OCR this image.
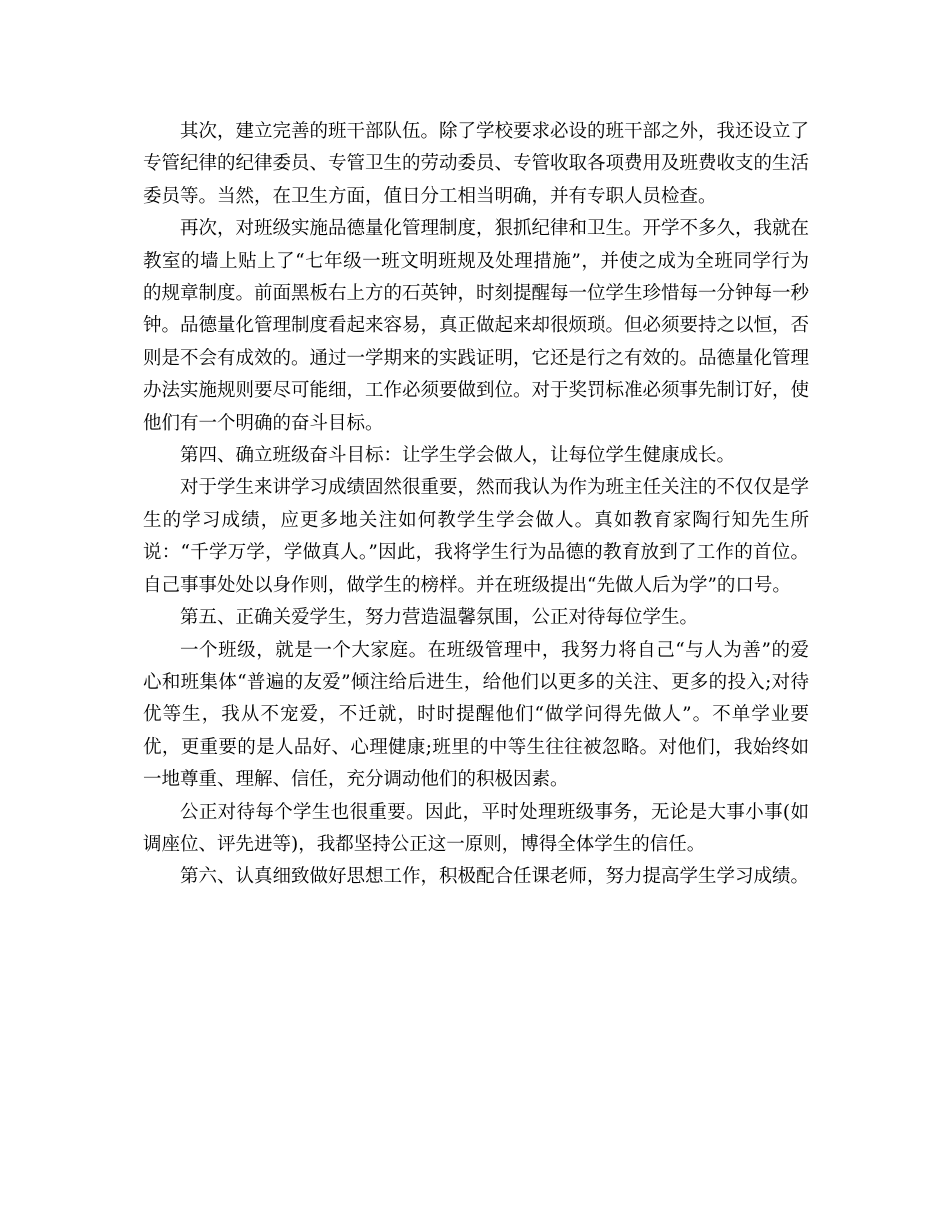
其次，建立完善的班干部队伍。除了学校要求必设的班干部之外，我还设立了专管纪律的纪律委员、专管卫生的劳动委员、专管收取各项费用及班费收支的生活委员等。当然，在卫生方面，值日分工相当明确，并有专职人员检查。

再次，对班级实施品德量化管理制度，狠抓纪律和卫生。开学不多久，我就在教室的墙上贴上了“七年级一班文明班规及处理措施”，并使之成为全班同学行为的规章制度。前面黑板右上方的石英钟，时刻提醒每一位学生珍惜每一分钟每一秒钟。品德量化管理制度看起来容易，真正做起来却很烦琐。但必须要持之以恒，否则是不会有成效的。通过一学期来的实践证明，它还是行之有效的。品德量化管理办法实施规则要尽可能细，工作必须要做到位。对于奖罚标准必须事先制订好，使他们有一个明确的奋斗目标。

第四、确立班级奋斗目标：让学生学会做人，让每位学生健康成长。

对于学生来讲学习成绩固然很重要，然而我认为作为班主任关注的不仅仅是学生的学习成绩，应更多地关注如何教学生学会做人。真如教育家陶行知先生所说：“千学万学，学做真人。”因此，我将学生行为品德的教育放到了工作的首位。自己事事处处以身作则，做学生的榜样。并在班级提出“先做人后为学”的口号。

第五、正确关爱学生，努力营造温馨氛围，公正对待每位学生。

一个班级，就是一个大家庭。在班级管理中，我努力将自己“与人为善”的爱心和班集体“普遍的友爱”倾注给后进生，给他们以更多的关注、更多的投入;对待优等生，我从不宠爱，不迁就，时时提醒他们“做学问得先做人”。不单学业要优，更重要的是人品好、心理健康;班里的中等生往往被忽略。对他们，我始终如一地尊重、理解、信任，充分调动他们的积极因素。

公正对待每个学生也很重要。因此，平时处理班级事务，无论是大事小事(如调座位、评先进等)，我都坚持公正这一原则，博得全体学生的信任。

第六、认真细致做好思想工作，积极配合任课老师，努力提高学生学习成绩。
